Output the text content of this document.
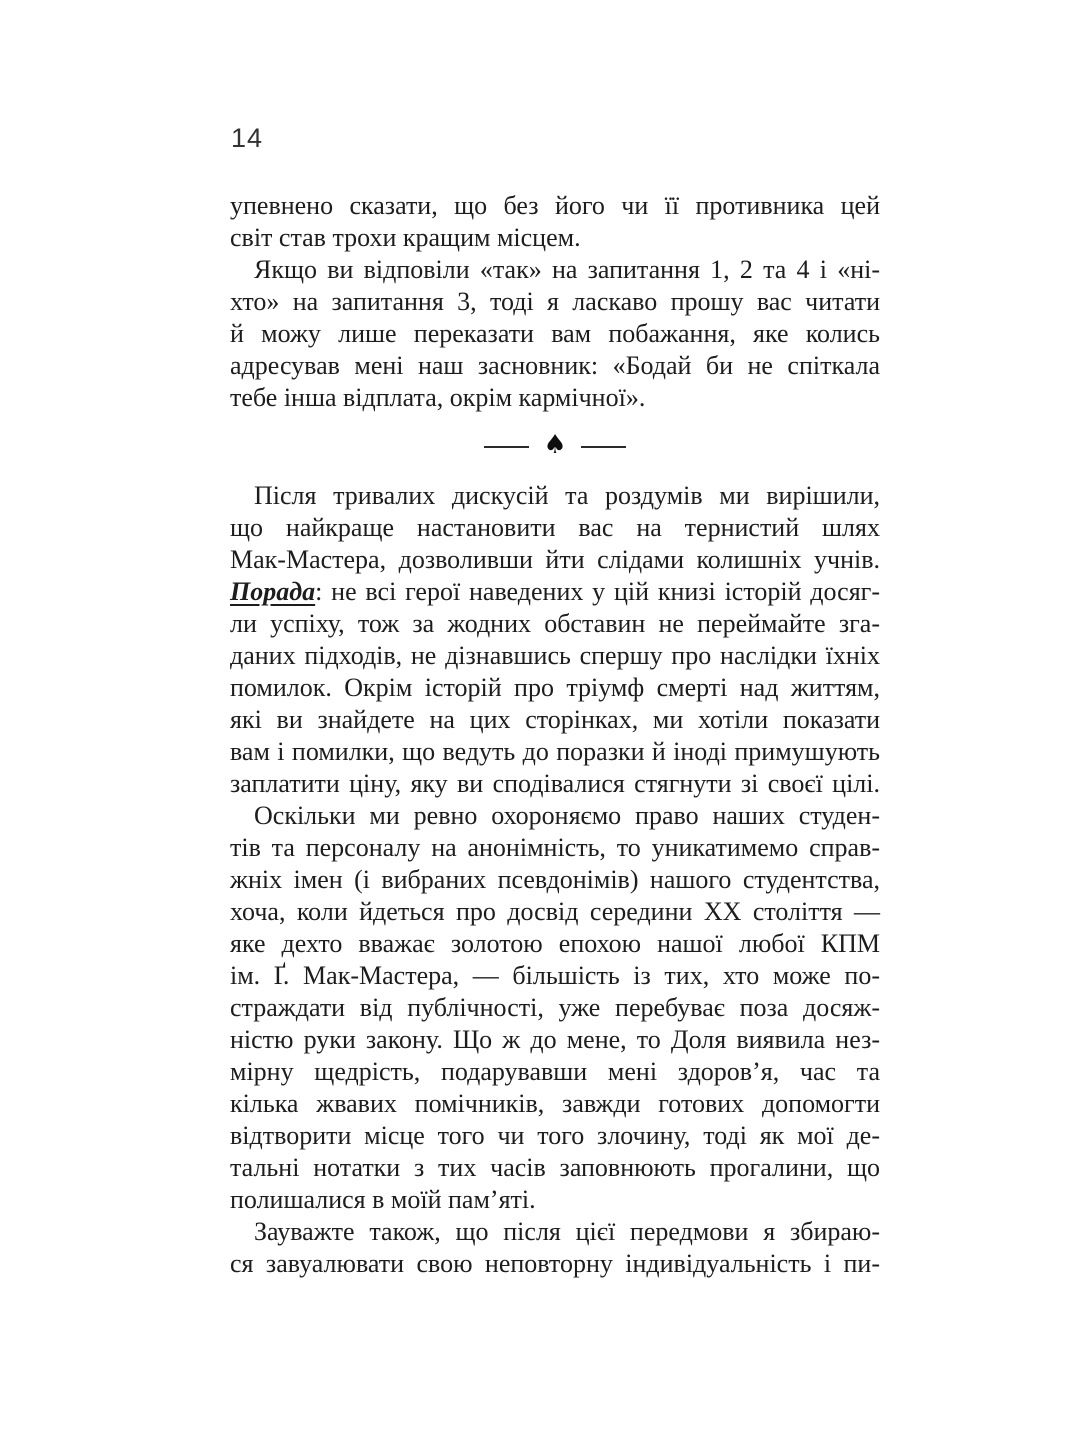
14
упевнено сказати, що без його чи її противника цей
світ став трохи кращим місцем.
Якщо ви відповіли «так» на запитання 1, 2 та 4 і «ні-
хто» на запитання 3, тоді я ласкаво прошу вас читати
й можу лише переказати вам побажання, яке колись
адресував мені наш засновник: «Бодай би не спіткала
тебе інша відплата, окрім кармічної».
♠
Після тривалих дискусій та роздумів ми вирішили,
що найкраще настановити вас на тернистий шлях
Мак-Мастера, дозволивши йти слідами колишніх учнів.
Порада: не всі герої наведених у цій книзі історій досяг-
ли успіху, тож за жодних обставин не переймайте зга-
даних підходів, не дізнавшись спершу про наслідки їхніх
помилок. Окрім історій про тріумф смерті над життям,
які ви знайдете на цих сторінках, ми хотіли показати
вам і помилки, що ведуть до поразки й іноді примушують
заплатити ціну, яку ви сподівалися стягнути зі своєї цілі.
Оскільки ми ревно охороняємо право наших студен-
тів та персоналу на анонімність, то уникатимемо справ-
жніх імен (і вибраних псевдонімів) нашого студентства,
хоча, коли йдеться про досвід середини XX століття —
яке дехто вважає золотою епохою нашої любої КПМ
ім. Ґ. Мак-Мастера, — більшість із тих, хто може по-
страждати від публічності, уже перебуває поза досяж-
ністю руки закону. Що ж до мене, то Доля виявила нез-
мірну щедрість, подарувавши мені здоров’я, час та
кілька жвавих помічників, завжди готових допомогти
відтворити місце того чи того злочину, тоді як мої де-
тальні нотатки з тих часів заповнюють прогалини, що
полишалися в моїй пам’яті.
Зауважте також, що після цієї передмови я збираю-
ся завуалювати свою неповторну індивідуальність і пи-
